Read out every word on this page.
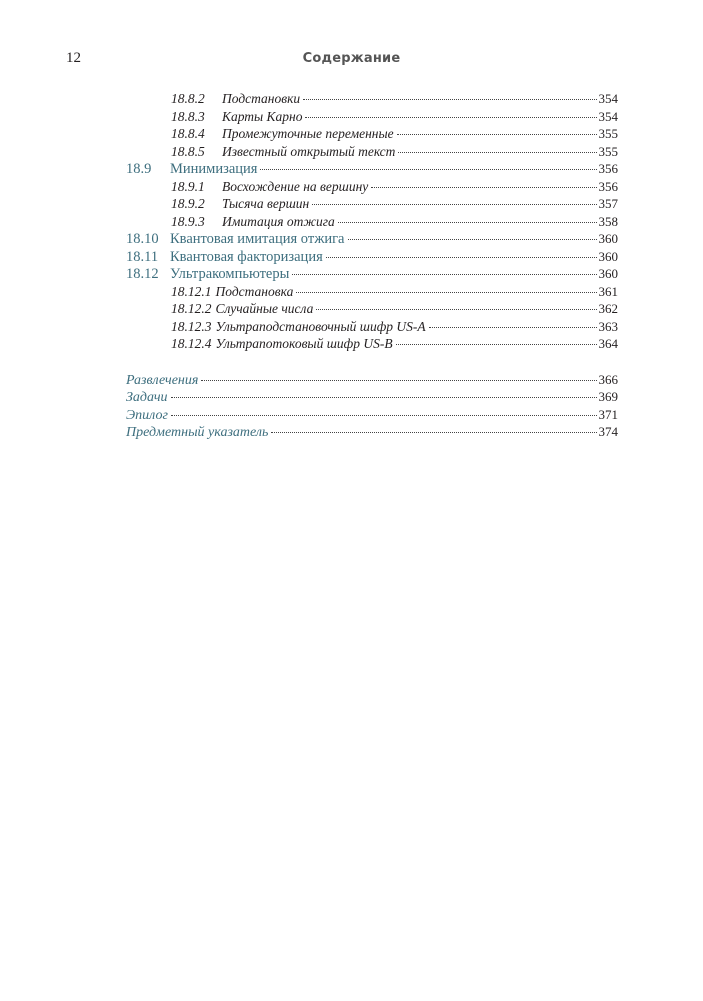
12	Содержание
18.8.2	Подстановки	354
18.8.3	Карты Карно	354
18.8.4	Промежуточные переменные	355
18.8.5	Известный открытый текст	355
18.9	Минимизация	356
18.9.1	Восхождение на вершину	356
18.9.2	Тысяча вершин	357
18.9.3	Имитация отжига	358
18.10 Квантовая имитация отжига	360
18.11 Квантовая факторизация	360
18.12 Ультракомпьютеры	360
18.12.1 Подстановка	361
18.12.2 Случайные числа	362
18.12.3 Ультраподстановочный шифр US-A	363
18.12.4 Ультрапотоковый шифр US-B	364
Развлечения	366
Задачи	369
Эпилог	371
Предметный указатель	374
